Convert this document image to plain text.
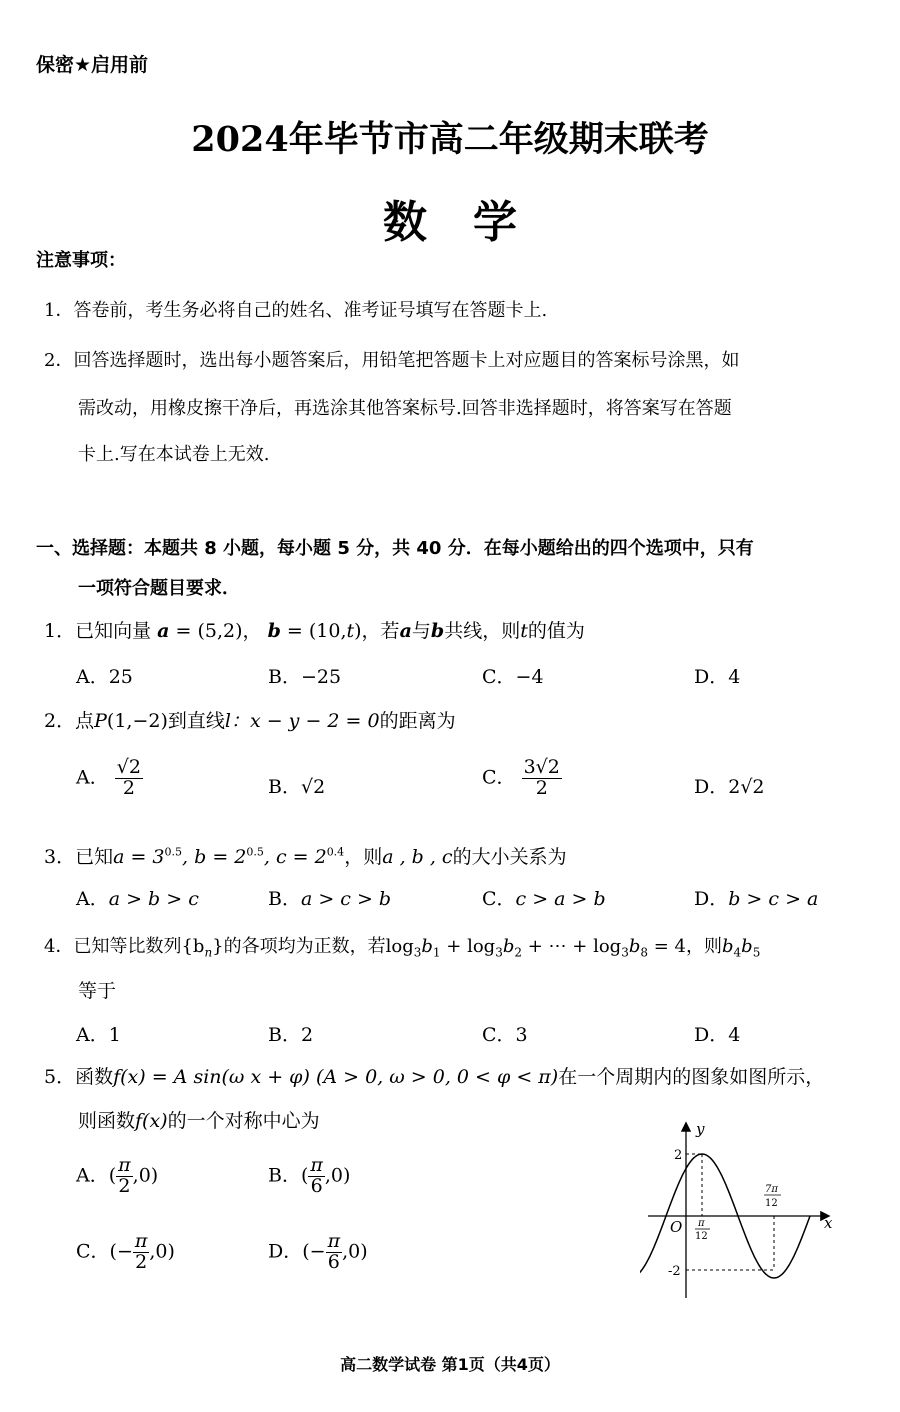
保密★启用前
2024年毕节市高二年级期末联考
数学
注意事项：
1．答卷前，考生务必将自己的姓名、准考证号填写在答题卡上.
2．回答选择题时，选出每小题答案后，用铅笔把答题卡上对应题目的答案标号涂黑，如
需改动，用橡皮擦干净后，再选涂其他答案标号.回答非选择题时，将答案写在答题
卡上.写在本试卷上无效.
一、选择题：本题共 8 小题，每小题 5 分，共 40 分．在每小题给出的四个选项中，只有
一项符合题目要求．
1．已知向量 a = (5,2)， b = (10,t)，若a与b共线，则t的值为
A．25	B．−25	C．−4	D．4
2．点P(1,−2)到直线l：x − y − 2 = 0的距离为
A． $\frac{√2}{2}$	B．√2	C． $\frac{3√2}{2}$	D．2√2
3．已知$a = 3^{0.5}$, $b = 2^{0.5}$, $c = 2^{0.4}$，则a , b , c的大小关系为
A．a > b > c	B．a > c > b	C．c > a > b	D．b > c > a
4．已知等比数列$\{b_n\}$的各项均为正数，若$\log_3b_1 + \log_3b_2$ + ⋯ + $\log_3b_8 = 4$，则$b_4b_5$
等于
A．1	B．2	C．3	D．4
5．函数f(x) = A sin(ω x + φ) (A > 0, ω > 0, 0 < φ < π)在一个周期内的图象如图所示，
则函数f(x)的一个对称中心为
A．( $\frac{\pi}{2} ,0$)	B．( $\frac{\pi}{6} ,0$)
C．(− $\frac{\pi}{2} ,0$)	D．(− $\frac{\pi}{6} ,0$)
y
x
O
2
-2
π
12
7π
12
高二数学试卷 第1页（共4页）
